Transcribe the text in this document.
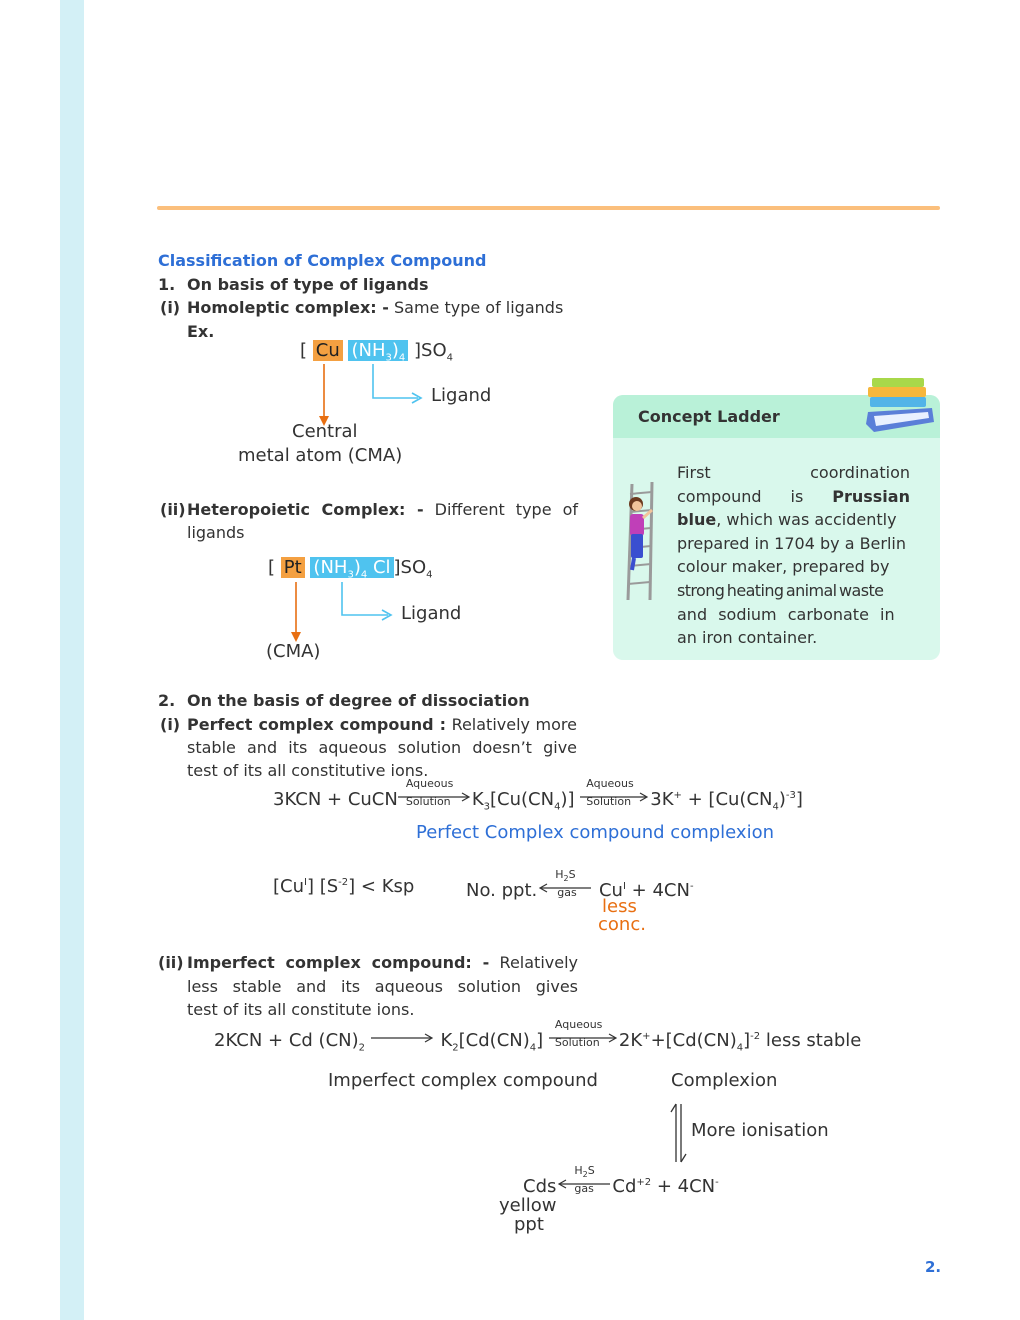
Classification of Complex Compound
1. On basis of type of ligands
(i) Homoleptic complex: - Same type of ligands
Ex.
[ Cu $(NH_3)_4$ ]$SO_4$
Ligand
Central
metal atom (CMA)
(ii) Heteropoietic Complex: - Different type of
ligands
[ Pt $(NH_3)_4$ Cl ]$SO_4$
Ligand
(CMA)
Concept Ladder

First	coordination

compound is Prussian

blue, which was accidently

prepared in 1704 by a Berlin

colour maker, prepared by

strong heating animal waste

and sodium carbonate in

an iron container.

2. On the basis of degree of dissociation
(i) Perfect complex compound : Relatively more
stable and its aqueous solution doesn’t give
test of its all constitutive ions.
3KCN + CuCN
Aqueous
Solution $K_3[Cu(CN_4)]$
Aqueous
Solution $3K^+ + [Cu(CN_4)^{-3}]$
Perfect Complex compound complexion
$[Cu^I] [S^{-2}]$ < Ksp	No. ppt.
$H_2S$
gas $Cu^I + 4CN^-$
less
conc.
(ii) Imperfect complex compound: - Relatively
less stable and its aqueous solution gives
test of its all constitute ions.
2KCN + Cd $(CN)_2$	$K_2[Cd(CN)_4]$
Aqueous
Solution $2K^++[Cd(CN)_4]^{-2}$ less stable
Imperfect complex compound	Complexion
More ionisation
Cds
$H_2S$
gas $Cd^{+2} + 4CN^-$
yellow
ppt
2.
